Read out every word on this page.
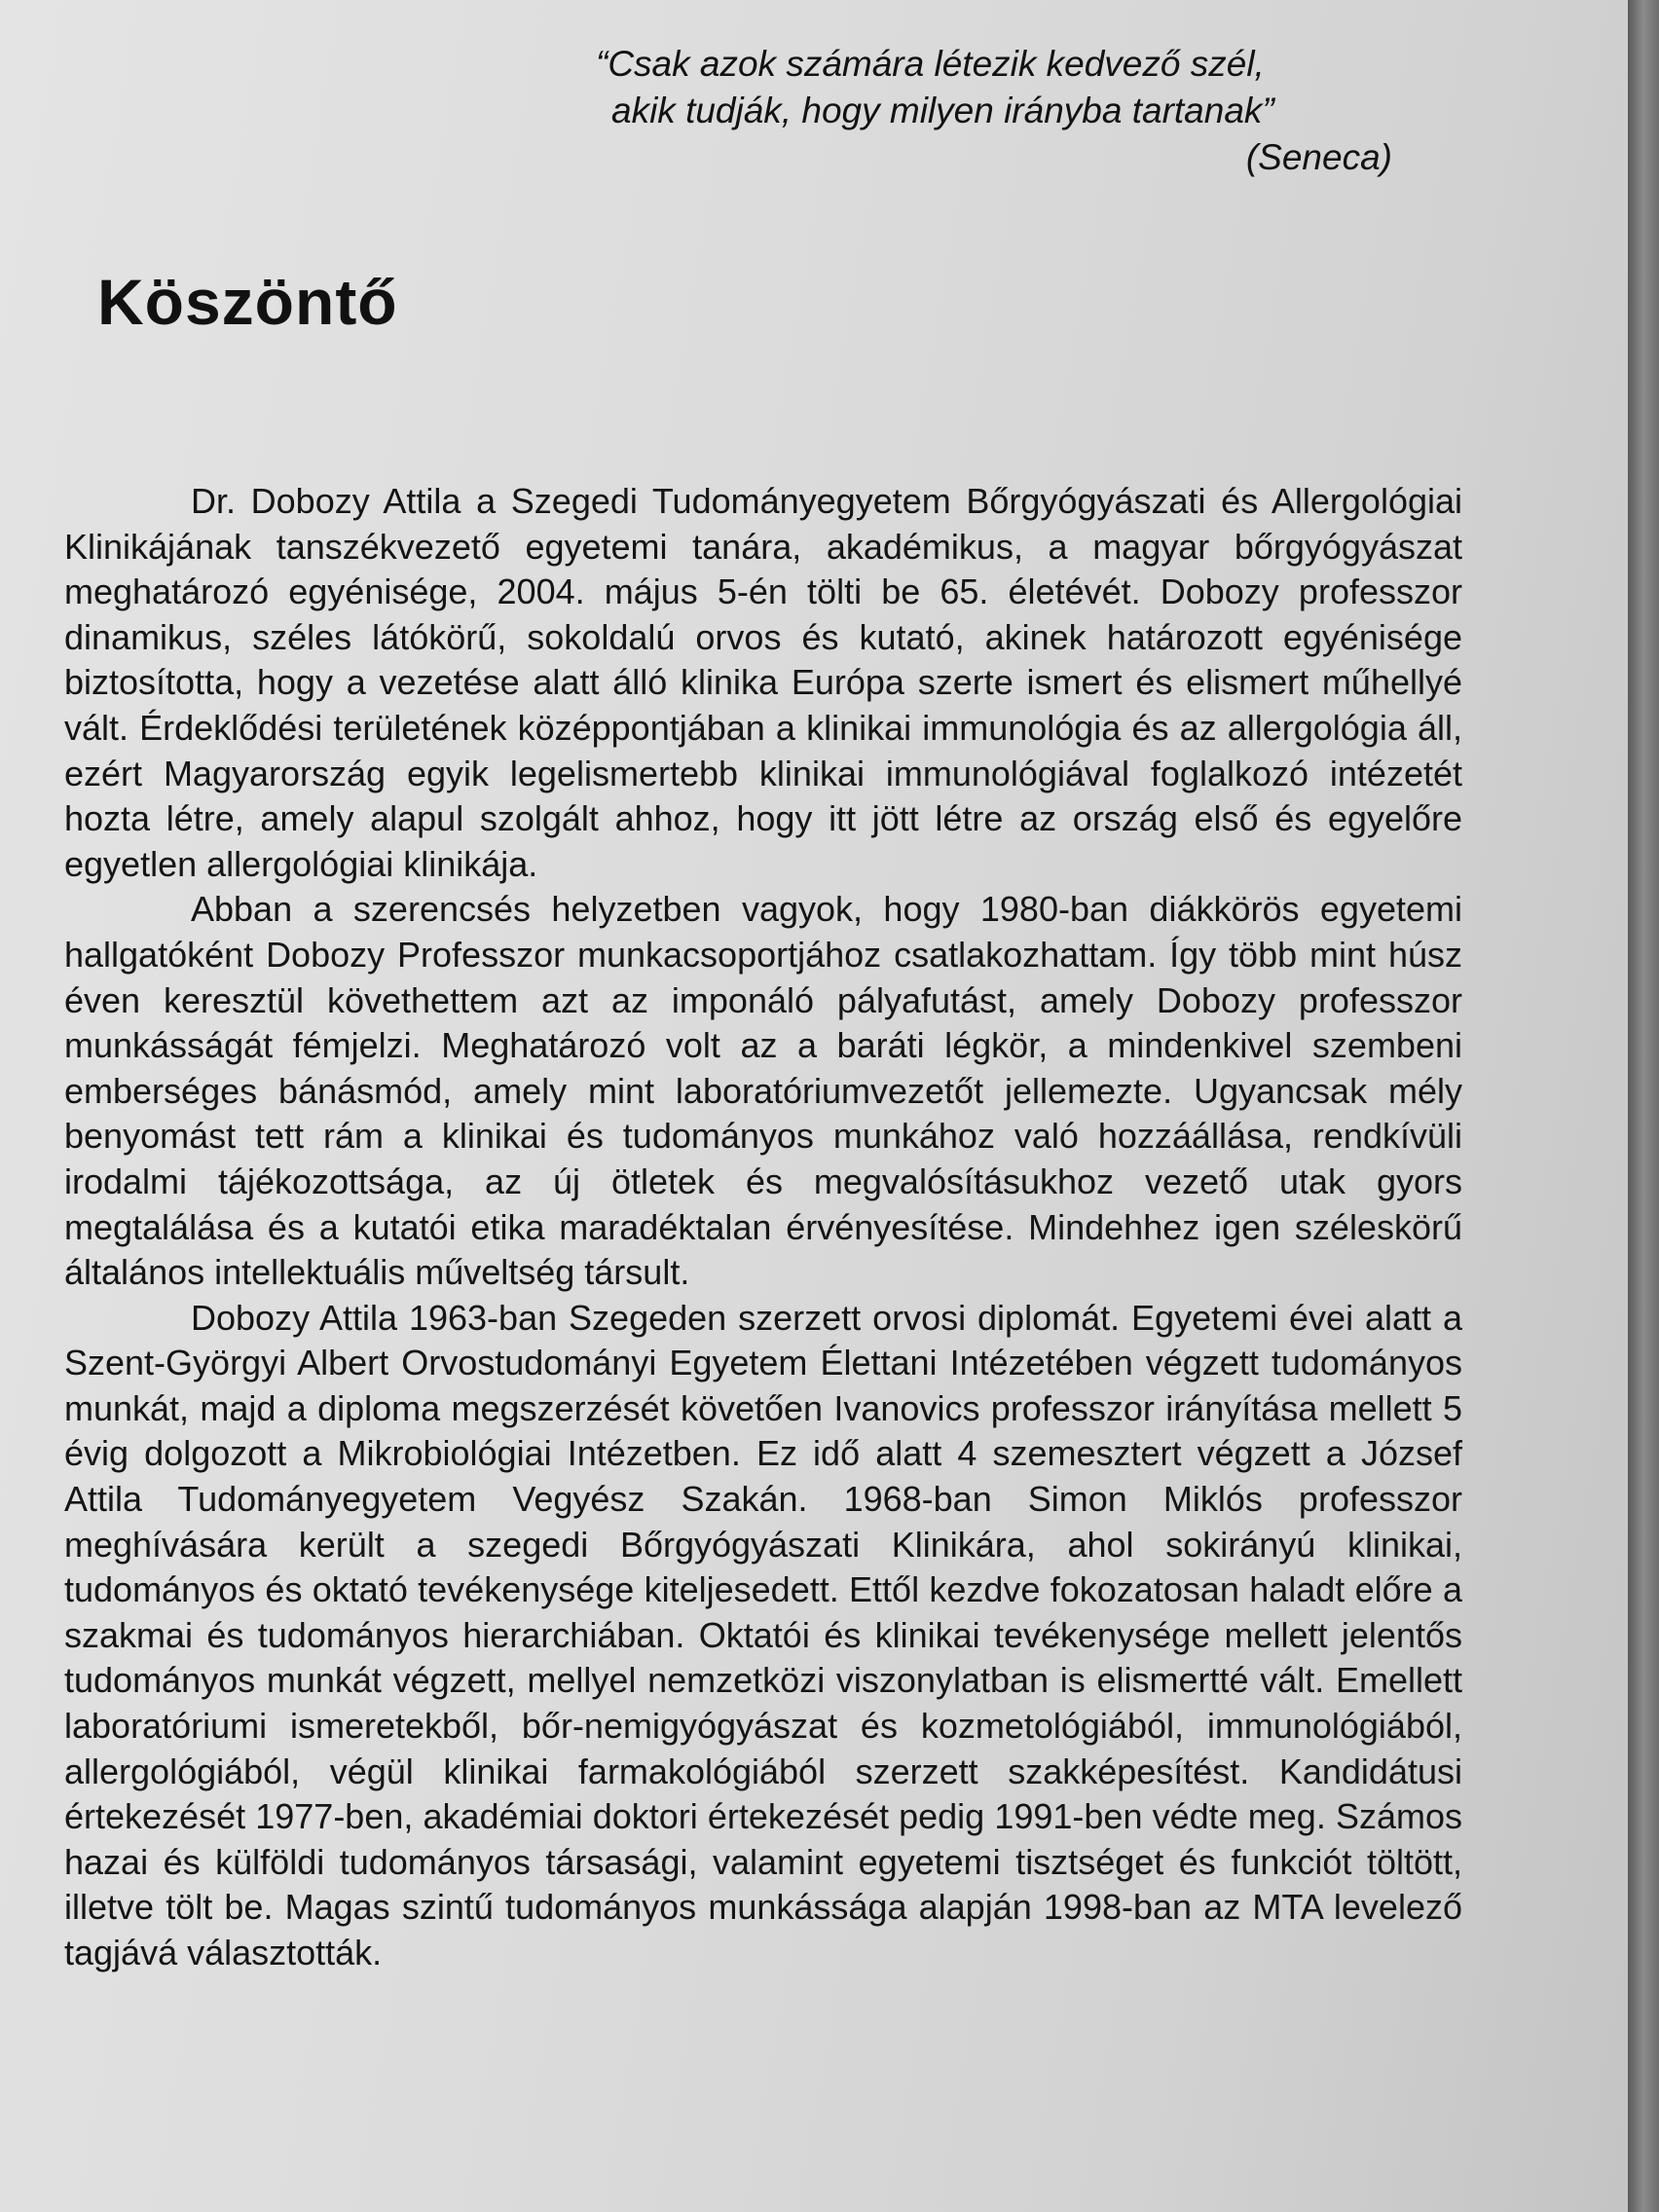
“Csak azok számára létezik kedvező szél,
akik tudják, hogy milyen irányba tartanak”
(Seneca)
Köszöntő

Dr. Dobozy Attila a Szegedi Tudományegyetem Bőrgyógyászati és Allergológiai Klinikájának tanszékvezető egyetemi tanára, akadémikus, a magyar bőrgyógyászat meghatározó egyénisége, 2004. május 5-én tölti be 65. életévét. Dobozy professzor dinamikus, széles látókörű, sokoldalú orvos és kutató, akinek határozott egyénisége biztosította, hogy a vezetése alatt álló klinika Európa szerte ismert és elismert műhellyé vált. Érdeklődési területének középpontjában a klinikai immunológia és az allergológia áll, ezért Magyarország egyik legelismertebb klinikai immunológiával foglalkozó intézetét hozta létre, amely alapul szolgált ahhoz, hogy itt jött létre az ország első és egyelőre egyetlen allergológiai klinikája.

Abban a szerencsés helyzetben vagyok, hogy 1980-ban diákkörös egyetemi hallgatóként Dobozy Professzor munkacsoportjához csatlakozhattam. Így több mint húsz éven keresztül követhettem azt az imponáló pályafutást, amely Dobozy professzor munkásságát fémjelzi. Meghatározó volt az a baráti légkör, a mindenkivel szembeni emberséges bánásmód, amely mint laboratóriumvezetőt jellemezte. Ugyancsak mély benyomást tett rám a klinikai és tudományos munkához való hozzáállása, rendkívüli irodalmi tájékozottsága, az új ötletek és megvalósításukhoz vezető utak gyors megtalálása és a kutatói etika maradéktalan érvényesítése. Mindehhez igen széleskörű általános intellektuális műveltség társult.

Dobozy Attila 1963-ban Szegeden szerzett orvosi diplomát. Egyetemi évei alatt a Szent-Györgyi Albert Orvostudományi Egyetem Élettani Intézetében végzett tudományos munkát, majd a diploma megszerzését követően Ivanovics professzor irányítása mellett 5 évig dolgozott a Mikrobiológiai Intézetben. Ez idő alatt 4 szemesztert végzett a József Attila Tudományegyetem Vegyész Szakán. 1968-ban Simon Miklós professzor meghívására került a szegedi Bőrgyógyászati Klinikára, ahol sokirányú klinikai, tudományos és oktató tevékenysége kiteljesedett. Ettől kezdve fokozatosan haladt előre a szakmai és tudományos hierarchiában. Oktatói és klinikai tevékenysége mellett jelentős tudományos munkát végzett, mellyel nemzetközi viszonylatban is elismertté vált. Emellett laboratóriumi ismeretekből, bőr-nemigyógyászat és kozmetológiából, immunológiából, allergológiából, végül klinikai farmakológiából szerzett szakképesítést. Kandidátusi értekezését 1977-ben, akadémiai doktori értekezését pedig 1991-ben védte meg. Számos hazai és külföldi tudományos társasági, valamint egyetemi tisztséget és funkciót töltött, illetve tölt be. Magas szintű tudományos munkássága alapján 1998-ban az MTA levelező tagjává választották.
